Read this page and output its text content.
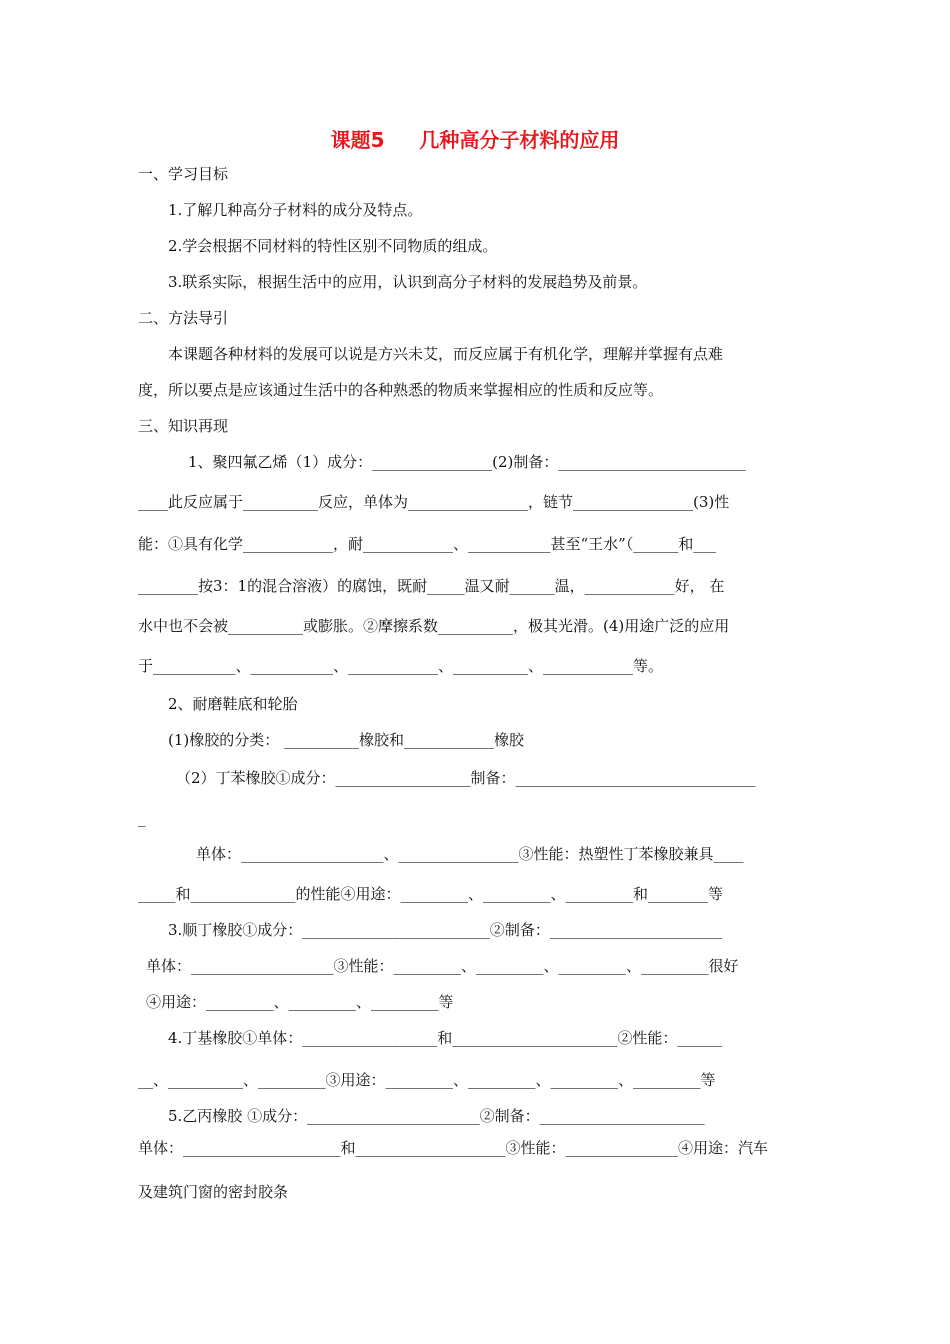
课题5     几种高分子材料的应用
一、学习目标
1.了解几种高分子材料的成分及特点。
2.学会根据不同材料的特性区别不同物质的组成。
3.联系实际，根据生活中的应用，认识到高分子材料的发展趋势及前景。
二、方法导引
本课题各种材料的发展可以说是方兴未艾，而反应属于有机化学，理解并掌握有点难
度，所以要点是应该通过生活中的各种熟悉的物质来掌握相应的性质和反应等。
三、知识再现
1、聚四氟乙烯（1）成分：________________(2)制备：_________________________
____此反应属于__________反应，单体为________________，链节________________(3)性
能：①具有化学____________，耐____________、___________甚至“王水”（______和___
________按3：1的混合溶液）的腐蚀，既耐_____温又耐______温，____________好， 在
水中也不会被__________或膨胀。②摩擦系数__________，极其光滑。(4)用途广泛的应用
于___________、___________、____________、__________、____________等。
2、耐磨鞋底和轮胎
(1)橡胶的分类： __________橡胶和____________橡胶
（2）丁苯橡胶①成分：__________________制备：________________________________
_
单体：___________________、________________③性能：热塑性丁苯橡胶兼具____
_____和______________的性能④用途：_________、_________、_________和________等
3.顺丁橡胶①成分：_________________________②制备：_______________________
单体：___________________③性能：_________、_________、_________、_________很好
④用途：_________、_________、_________等
4.丁基橡胶①单体：__________________和______________________②性能：______
__、__________、_________③用途：_________、_________、_________、_________等
5.乙丙橡胶 ①成分：_______________________②制备：______________________
单体：_____________________和____________________③性能：_______________④用途：汽车
及建筑门窗的密封胶条
